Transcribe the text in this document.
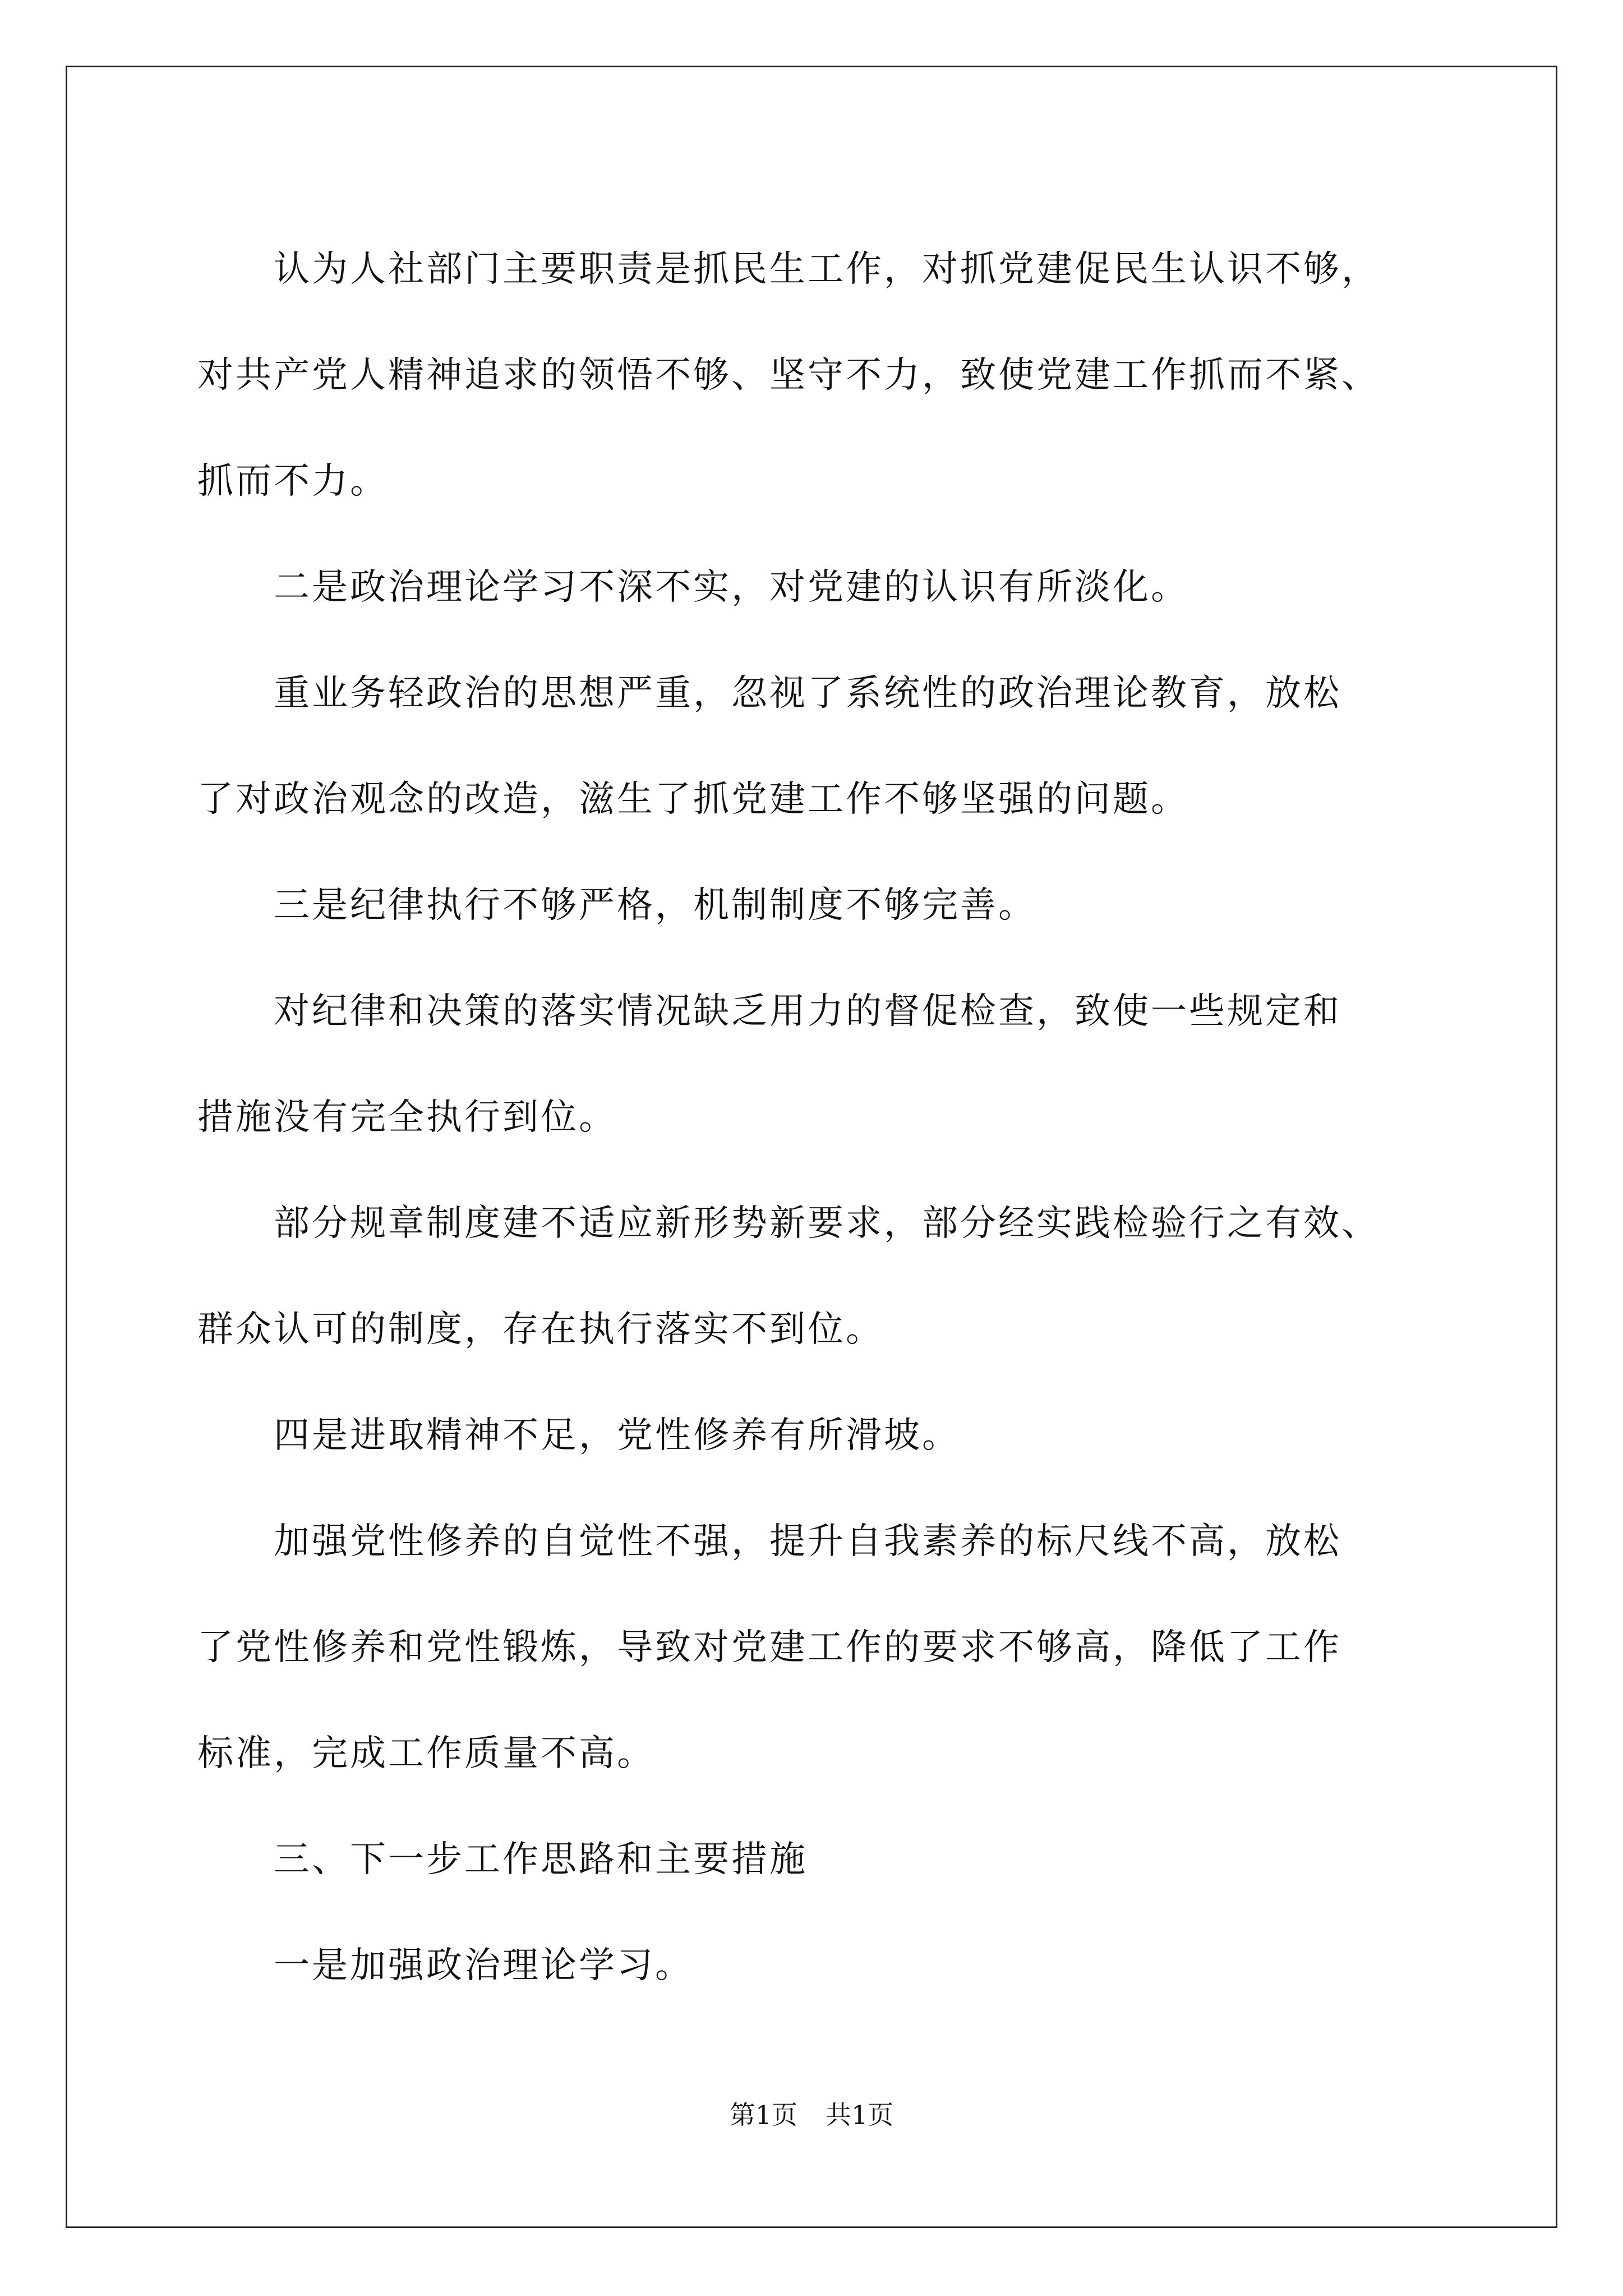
　　认为人社部门主要职责是抓民生工作，对抓党建促民生认识不够，

对共产党人精神追求的领悟不够、坚守不力，致使党建工作抓而不紧、

抓而不力。

　　二是政治理论学习不深不实，对党建的认识有所淡化。

　　重业务轻政治的思想严重，忽视了系统性的政治理论教育，放松

了对政治观念的改造，滋生了抓党建工作不够坚强的问题。

　　三是纪律执行不够严格，机制制度不够完善。

　　对纪律和决策的落实情况缺乏用力的督促检查，致使一些规定和

措施没有完全执行到位。

　　部分规章制度建不适应新形势新要求，部分经实践检验行之有效、

群众认可的制度，存在执行落实不到位。

　　四是进取精神不足，党性修养有所滑坡。

　　加强党性修养的自觉性不强，提升自我素养的标尺线不高，放松

了党性修养和党性锻炼，导致对党建工作的要求不够高，降低了工作

标准，完成工作质量不高。

　　三、下一步工作思路和主要措施

　　一是加强政治理论学习。

第1页 共1页
